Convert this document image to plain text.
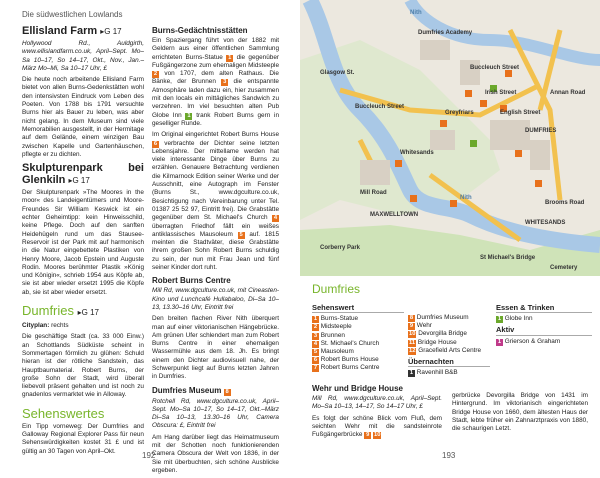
Die südwestlichen Lowlands
Ellisland Farm ▸G 17

Hollywood Rd., Auldgirth, www.ellislandfarm.co.uk, April–Sept. Mo–Sa 10–17, So 14–17, Okt., Nov., Jan.–März Mo–Mi, Sa 10–17 Uhr, £

Die heute noch arbeitende Ellisland Farm bietet von allen Burns-Gedenkstätten wohl den intensivsten Eindruck vom Leben des Poeten. Von 1788 bis 1791 versuchte Burns hier als Bauer zu leben, was aber nicht gelang. In dem Museum sind viele Memorabilien ausgestellt, in der Hermitage auf dem Gelände, einem winzigen Bau zwischen Kapelle und Gartenhäuschen, pflegte er zu dichten.

Skulpturenpark bei Glenkiln ▸G 17

Der Skulpturenpark »The Moores in the moor« des Landeigentümers und Moore-Freundes Sir William Keswick ist ein echter Geheimtipp: kein Hinweisschild, keine Pflege. Doch auf den sanften Heidehügeln rund um das Stausee-Reservoir ist der Park mit auf harmonisch in die Natur eingebettete Plastiken von Henry Moore, Jacob Epstein und Auguste Rodin. Moores berühmter Plastik »König und Königin«, schrieb 1954 aus Köpfe ab, sie ist aber wieder ersetzt 1995 die Köpfe ab, sie ist aber wieder ersetzt.

Dumfries ▸G 17

Cityplan: rechts

Die geschäftige Stadt (ca. 33 000 Einw.) an Schottlands Südküste scheint in Sommertagen förmlich zu glühen: Schuld hieran ist der rötliche Sandstein, das Hauptbaumaterial. Robert Burns, der große Sohn der Stadt, wird überall liebevoll präsent gehalten und ist noch zu gnadenlos vermarktet wie in Alloway.

Sehenswertes

Ein Tipp vorneweg: Der Dumfries and Galloway Regional Explorer Pass für neun Sehenswürdigkeiten kostet 31 £ und ist gültig an 30 Tagen von April–Okt.

Burns-Gedächtnisstätten

Ein Spaziergang führt von der 1882 mit Geldern aus einer öffentlichen Sammlung errichteten Burns-Statue 1 die gegenüber Fußgängerzone zum ehemaligen Midsteeple 2 von 1707, dem alten Rathaus. Die Bänke, der Brunnen 3 die entspannte Atmosphäre laden dazu ein, hier zusammen mit den locals ein mittägliches Sandwich zu verzehren. Im viel besuchten alten Pub Globe Inn 1 trank Robert Burns gern in geselliger Runde.

Im Original eingerichtet Robert Burns House 6 verbrachte der Dichter seine letzten Lebensjahre. Der mittellame werden hat viele interessante Dinge über Burns zu erzählen. Genauere Betrachtung verdienen die Kilmarnock Edition seiner Werke und der Ausschnitt, eine Autograph im Fenster (Burns St., www.dgculture.co.uk, Besichtigung nach Vereinbarung unter Tel. 01387 25 52 97, Eintritt frei). Die Grabstätte gegenüber dem St. Michael's Church 4 überragten Friedhof fällt ein weißes antiklassisches Mausoleum 5 auf. 1815 meinten die Stadtväter, diese Grabstätte ihrem großen Sohn Robert Burns schuldig zu sein, der nun mit Frau Jean und fünf seiner Kinder dort ruht.

Robert Burns Centre

Mill Rd, www.dgculture.co.uk, mit Cineasten-Kino und Lunchcafé Hullabaloo, Di–Sa 10–13, 13.30–16 Uhr, Eintritt frei

Den breiten flachen River Nith überquert man auf einer viktorianischen Hängebrücke. Am grünen Ufer schlendert man zum Robert Burns Centre in einer ehemaligen Wassermühle aus dem 18. Jh. Es bringt einem den Dichter audiovisuell nahe, der Schwerpunkt liegt auf Burns letzten Jahren in Dumfries.

Dumfries Museum 8

Rotchell Rd, www.dgculture.co.uk, April–Sept. Mo–Sa 10–17, So 14–17, Okt.–März Di–Sa 10–13, 13.30–16 Uhr, Camera Obscura: £, Eintritt frei

Am Hang darüber liegt das Heimatmuseum mit der Schotten noch funktionierenden Camera Obscura der Welt von 1836, in der Sie mit überbuchten, sich schöne Ausblicke ergeben.

192
Nith
DUMFRIES
MAXWELLTOWN
WHITESANDS
Annan Road
Buccleuch Street
Irish Street
English Street
Glasgow St.
Whitesands
Nith
St Michael's Bridge
Brooms Road
Mill Road
Dumfries Academy
Greyfriars
Corberry Park
Cemetery
Buccleuch Street
Dumfries
Sehenswert
1 Burns-Statue
2 Midsteeple
3 Brunnen
4 St. Michael's Church
5 Mausoleum
6 Robert Burns House
7 Robert Burns Centre
8 Dumfries Museum
9 Wehr
10 Devorgilla Bridge
11 Bridge House
12 Gracefield Arts Centre
Übernachten
1 Ravenhill B&B
Essen & Trinken
1 Globe Inn
Aktiv
1 Grierson & Graham
Wehr und Bridge House

Mill Rd, www.dgculture.co.uk, April–Sept. Mo–Sa 10–13, 14–17, So 14–17 Uhr, £

Es folgt der schöne Blick vom Fluß, dem seichten Wehr mit die sandsteinrote Fußgängerbrücke 9 10

gerbrücke Devorgilla Bridge von 1431 im Hintergrund. Im viktorianisch eingerichteten Bridge House von 1660, dem ältesten Haus der Stadt, lebte früher ein Zahnarztpraxis von 1880, die schaurigen Letzt.

193
